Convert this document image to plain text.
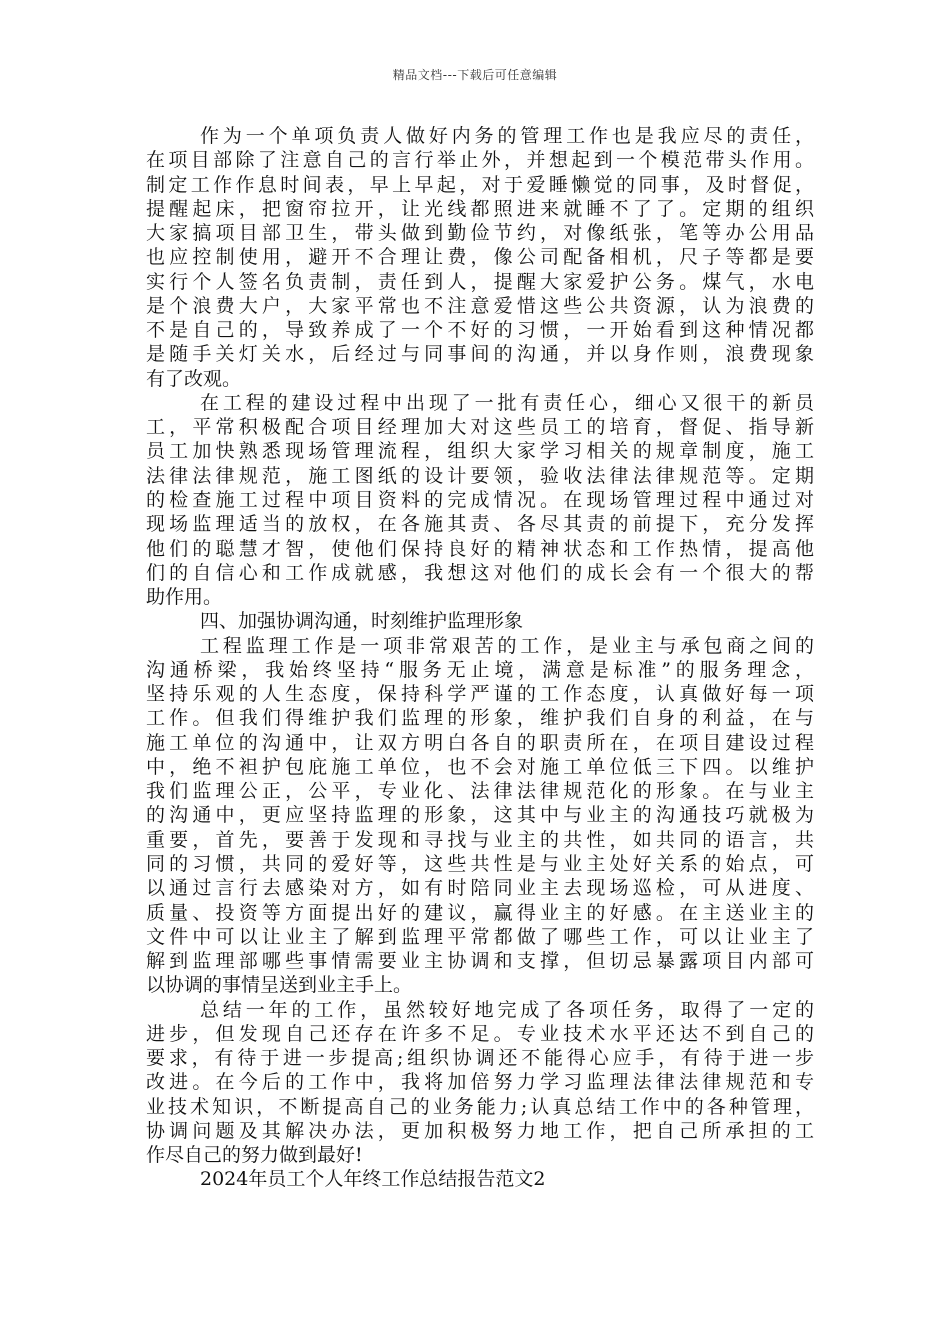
精品文档---下载后可任意编辑
作为一个单项负责人做好内务的管理工作也是我应尽的责任，
在项目部除了注意自己的言行举止外，并想起到一个模范带头作用。
制定工作作息时间表，早上早起，对于爱睡懒觉的同事，及时督促，
提醒起床，把窗帘拉开，让光线都照进来就睡不了了。定期的组织
大家搞项目部卫生，带头做到勤俭节约，对像纸张，笔等办公用品
也应控制使用，避开不合理让费，像公司配备相机，尺子等都是要
实行个人签名负责制，责任到人，提醒大家爱护公务。煤气，水电
是个浪费大户，大家平常也不注意爱惜这些公共资源，认为浪费的
不是自己的，导致养成了一个不好的习惯，一开始看到这种情况都
是随手关灯关水，后经过与同事间的沟通，并以身作则，浪费现象
有了改观。
在工程的建设过程中出现了一批有责任心，细心又很干的新员
工，平常积极配合项目经理加大对这些员工的培育，督促、指导新
员工加快熟悉现场管理流程，组织大家学习相关的规章制度，施工
法律法律规范，施工图纸的设计要领，验收法律法律规范等。定期
的检查施工过程中项目资料的完成情况。在现场管理过程中通过对
现场监理适当的放权，在各施其责、各尽其责的前提下，充分发挥
他们的聪慧才智，使他们保持良好的精神状态和工作热情，提高他
们的自信心和工作成就感，我想这对他们的成长会有一个很大的帮
助作用。
四、加强协调沟通，时刻维护监理形象
工程监理工作是一项非常艰苦的工作，是业主与承包商之间的
沟通桥梁，我始终坚持“服务无止境，满意是标准”的服务理念，
坚持乐观的人生态度，保持科学严谨的工作态度，认真做好每一项
工作。但我们得维护我们监理的形象，维护我们自身的利益，在与
施工单位的沟通中，让双方明白各自的职责所在，在项目建设过程
中，绝不袒护包庇施工单位，也不会对施工单位低三下四。以维护
我们监理公正，公平，专业化、法律法律规范化的形象。在与业主
的沟通中，更应坚持监理的形象，这其中与业主的沟通技巧就极为
重要，首先，要善于发现和寻找与业主的共性，如共同的语言，共
同的习惯，共同的爱好等，这些共性是与业主处好关系的始点，可
以通过言行去感染对方，如有时陪同业主去现场巡检，可从进度、
质量、投资等方面提出好的建议，赢得业主的好感。在主送业主的
文件中可以让业主了解到监理平常都做了哪些工作，可以让业主了
解到监理部哪些事情需要业主协调和支撑，但切忌暴露项目内部可
以协调的事情呈送到业主手上。
总结一年的工作，虽然较好地完成了各项任务，取得了一定的
进步，但发现自己还存在许多不足。专业技术水平还达不到自己的
要求，有待于进一步提高;组织协调还不能得心应手，有待于进一步
改进。在今后的工作中，我将加倍努力学习监理法律法律规范和专
业技术知识，不断提高自己的业务能力;认真总结工作中的各种管理，
协调问题及其解决办法，更加积极努力地工作，把自己所承担的工
作尽自己的努力做到最好!
2024年员工个人年终工作总结报告范文2
